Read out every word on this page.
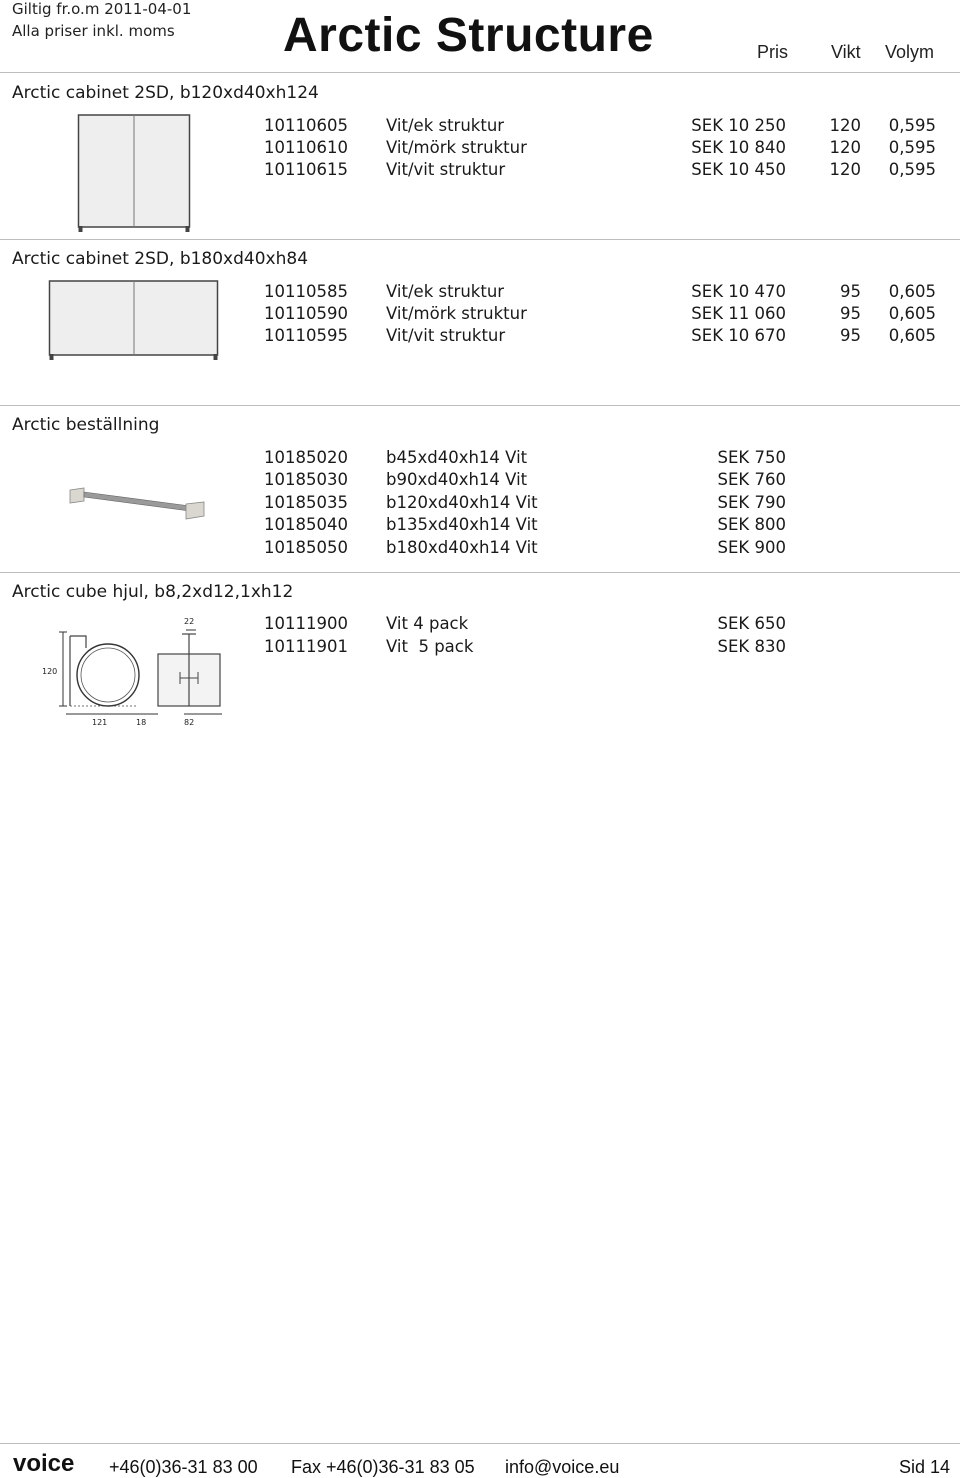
Giltig fr.o.m 2011-04-01
Alla priser inkl. moms Arctic Structure	Pris Vikt Volym
Arctic cabinet 2SD, b120xd40xh124
10110605 Vit/ek struktur	SEK 10 250	120 0,595
10110610 Vit/mörk struktur	SEK 10 840	120 0,595
10110615 Vit/vit struktur	SEK 10 450	120 0,595
Arctic cabinet 2SD, b180xd40xh84
10110585 Vit/ek struktur	SEK 10 470	95 0,605
10110590 Vit/mörk struktur	SEK 11 060	95 0,605
10110595 Vit/vit struktur	SEK 10 670	95 0,605
Arctic beställning
10185020 b45xd40xh14 Vit	SEK 750
10185030 b90xd40xh14 Vit	SEK 760
10185035 b120xd40xh14 Vit	SEK 790
10185040 b135xd40xh14 Vit	SEK 800
10185050 b180xd40xh14 Vit	SEK 900
Arctic cube hjul, b8,2xd12,1xh12
120
121	18
22
82
10111900 Vit 4 pack	SEK 650
10111901 Vit  5 pack	SEK 830
voice +46(0)36-31 83 00 Fax +46(0)36-31 83 05 info@voice.eu	Sid 14
